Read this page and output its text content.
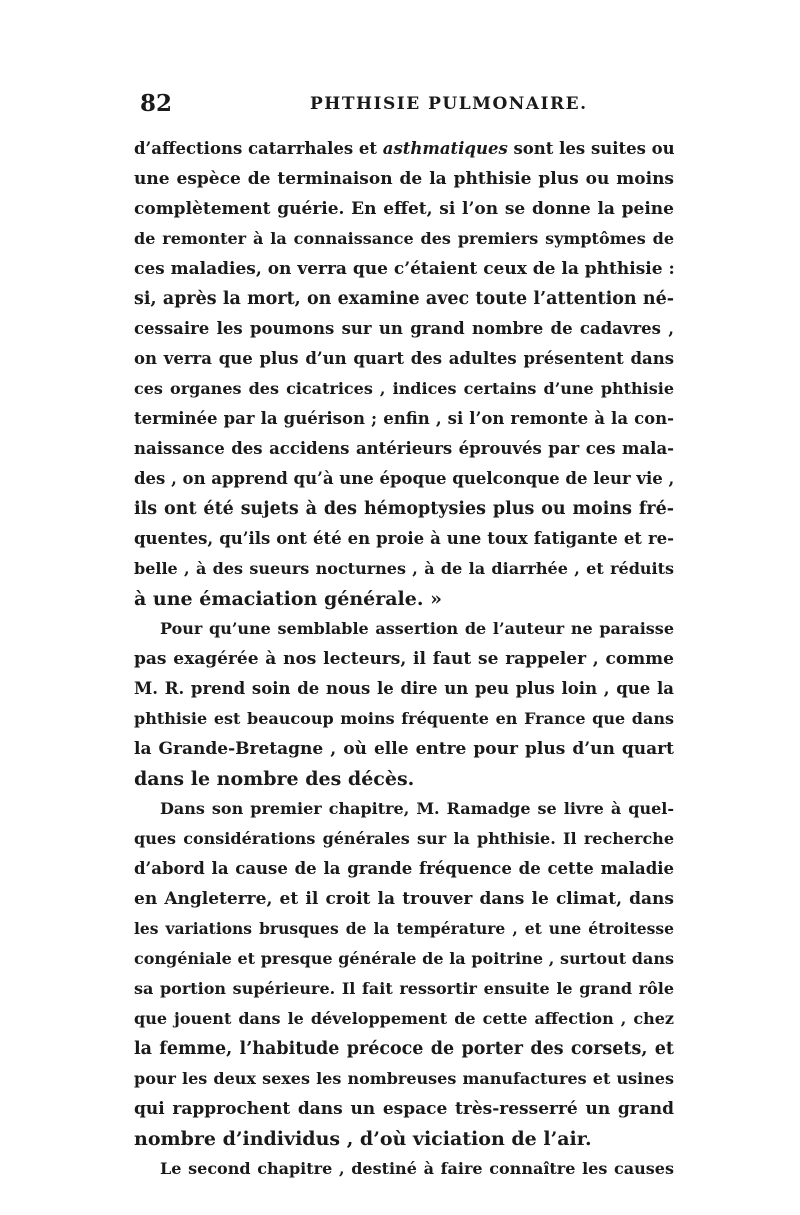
82	PHTHISIE PULMONAIRE.
d’affections catarrhales et asthmatiques sont les suites ou
une espèce de terminaison de la phthisie plus ou moins
complètement guérie. En effet, si l’on se donne la peine
de remonter à la connaissance des premiers symptômes de
ces maladies, on verra que c’étaient ceux de la phthisie :
si, après la mort, on examine avec toute l’attention né-
cessaire les poumons sur un grand nombre de cadavres ,
on verra que plus d’un quart des adultes présentent dans
ces organes des cicatrices , indices certains d’une phthisie
terminée par la guérison ; enfin , si l’on remonte à la con-
naissance des accidens antérieurs éprouvés par ces mala-
des , on apprend qu’à une époque quelconque de leur vie ,
ils ont été sujets à des hémoptysies plus ou moins fré-
quentes, qu’ils ont été en proie à une toux fatigante et re-
belle , à des sueurs nocturnes , à de la diarrhée , et réduits
à une émaciation générale. »
Pour qu’une semblable assertion de l’auteur ne paraisse
pas exagérée à nos lecteurs, il faut se rappeler , comme
M. R. prend soin de nous le dire un peu plus loin , que la
phthisie est beaucoup moins fréquente en France que dans
la Grande-Bretagne , où elle entre pour plus d’un quart
dans le nombre des décès.
Dans son premier chapitre, M. Ramadge se livre à quel-
ques considérations générales sur la phthisie. Il recherche
d’abord la cause de la grande fréquence de cette maladie
en Angleterre, et il croit la trouver dans le climat, dans
les variations brusques de la température , et une étroitesse
congéniale et presque générale de la poitrine , surtout dans
sa portion supérieure. Il fait ressortir ensuite le grand rôle
que jouent dans le développement de cette affection , chez
la femme, l’habitude précoce de porter des corsets, et
pour les deux sexes les nombreuses manufactures et usines
qui rapprochent dans un espace très-resserré un grand
nombre d’individus , d’où viciation de l’air.
Le second chapitre , destiné à faire connaître les causes
